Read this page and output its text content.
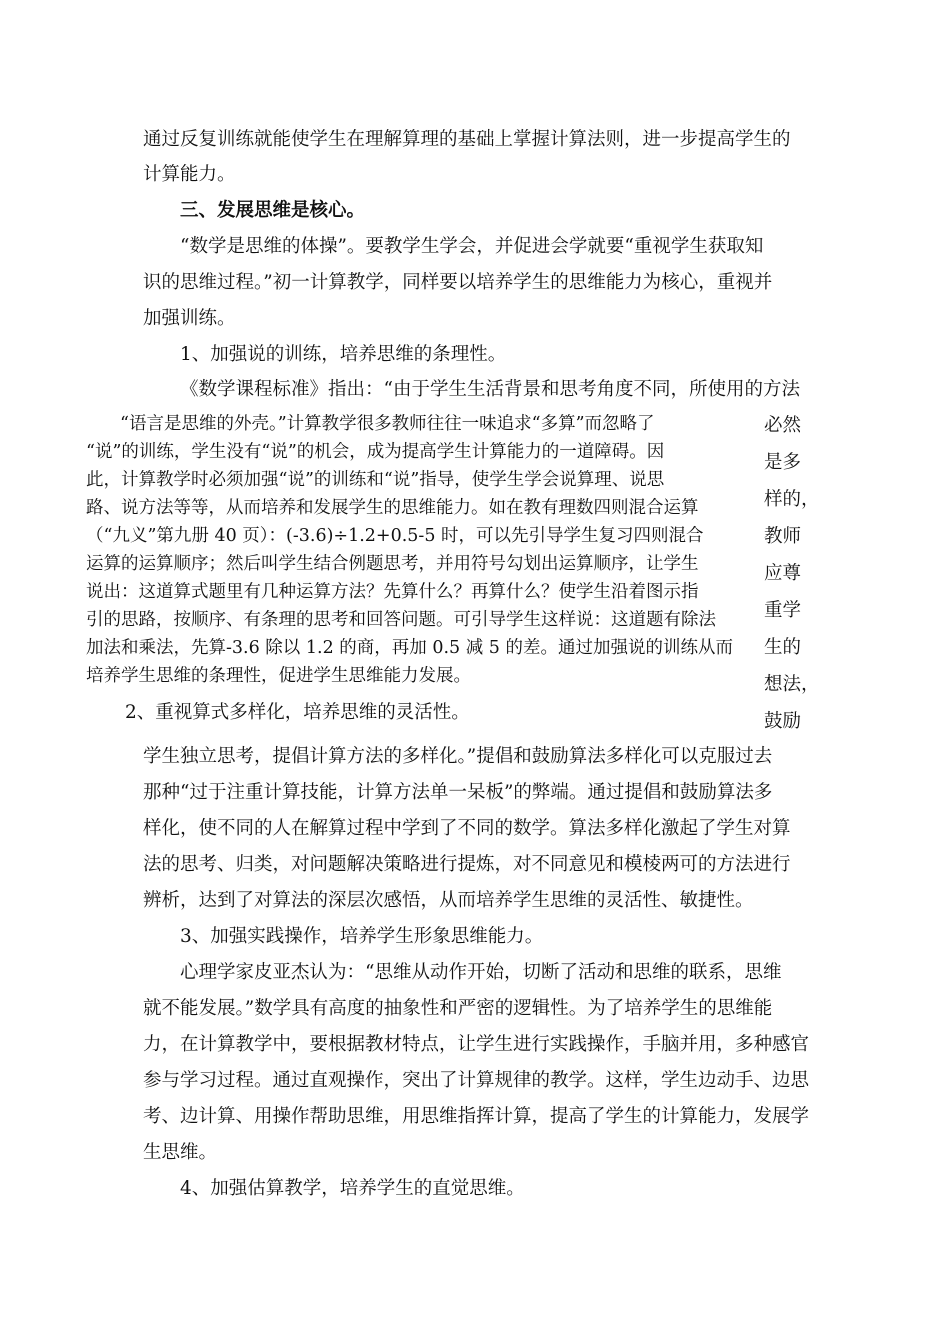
通过反复训练就能使学生在理解算理的基础上掌握计算法则，进一步提高学生的
计算能力。
三、发展思维是核心。
“数学是思维的体操”。要教学生学会，并促进会学就要“重视学生获取知
识的思维过程。”初一计算教学，同样要以培养学生的思维能力为核心，重视并
加强训练。
1、加强说的训练，培养思维的条理性。
《数学课程标准》指出：“由于学生生活背景和思考角度不同，所使用的方法
“语言是思维的外壳。”计算教学很多教师往往一味追求“多算”而忽略了
“说”的训练，学生没有“说”的机会，成为提高学生计算能力的一道障碍。因
此，计算教学时必须加强“说”的训练和“说”指导，使学生学会说算理、说思
路、说方法等等，从而培养和发展学生的思维能力。如在教有理数四则混合运算
（“九义”第九册 40 页）：(-3.6)÷1.2+0.5-5 时，可以先引导学生复习四则混合
运算的运算顺序；然后叫学生结合例题思考，并用符号勾划出运算顺序，让学生
说出：这道算式题里有几种运算方法？先算什么？再算什么？使学生沿着图示指
引的思路，按顺序、有条理的思考和回答问题。可引导学生这样说：这道题有除法
加法和乘法，先算-3.6 除以 1.2 的商，再加 0.5 减 5 的差。通过加强说的训练从而
培养学生思维的条理性，促进学生思维能力发展。
必然
是多
样的，
教师
应尊
重学
生的
想法，
鼓励
2、重视算式多样化，培养思维的灵活性。
学生独立思考，提倡计算方法的多样化。”提倡和鼓励算法多样化可以克服过去
那种“过于注重计算技能，计算方法单一呆板”的弊端。通过提倡和鼓励算法多
样化，使不同的人在解算过程中学到了不同的数学。算法多样化激起了学生对算
法的思考、归类，对问题解决策略进行提炼，对不同意见和模棱两可的方法进行
辨析，达到了对算法的深层次感悟，从而培养学生思维的灵活性、敏捷性。
3、加强实践操作，培养学生形象思维能力。
心理学家皮亚杰认为：“思维从动作开始，切断了活动和思维的联系，思维
就不能发展。”数学具有高度的抽象性和严密的逻辑性。为了培养学生的思维能
力，在计算教学中，要根据教材特点，让学生进行实践操作，手脑并用，多种感官
参与学习过程。通过直观操作，突出了计算规律的教学。这样，学生边动手、边思
考、边计算、用操作帮助思维，用思维指挥计算，提高了学生的计算能力，发展学
生思维。
4、加强估算教学，培养学生的直觉思维。
